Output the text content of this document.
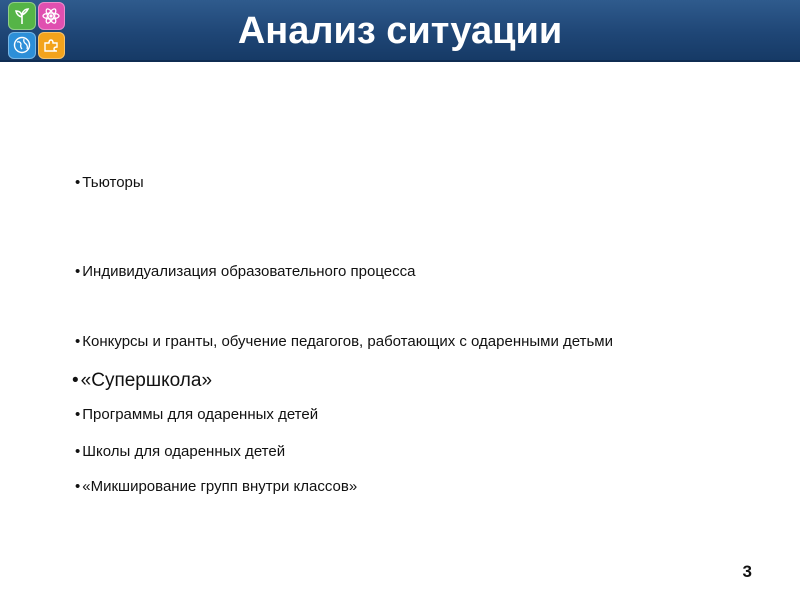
Анализ ситуации
• Тьюторы
• Индивидуализация образовательного процесса
• Конкурсы и гранты, обучение педагогов, работающих с одаренными детьми
• «Супершкола»
• Программы для одаренных детей
• Школы для одаренных детей
• «Микширование групп внутри классов»
3
